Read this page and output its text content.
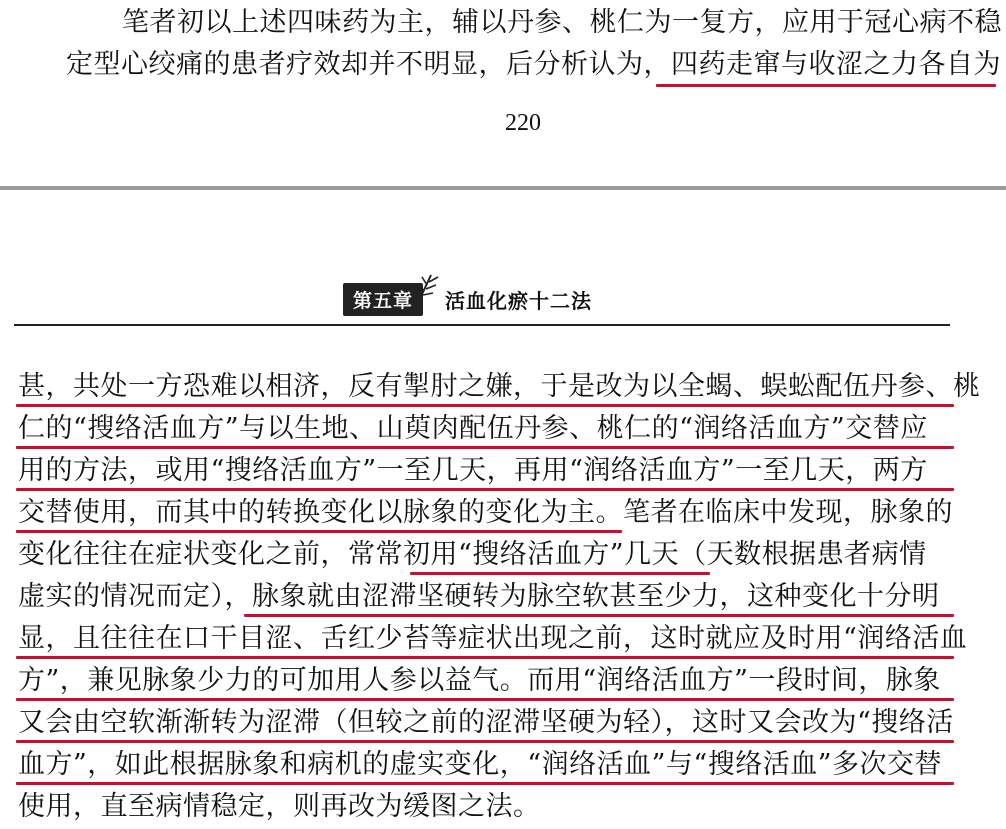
笔者初以上述四味药为主，辅以丹参、桃仁为一复方，应用于冠心病不稳
定型心绞痛的患者疗效却并不明显，后分析认为，四药走窜与收涩之力各自为
220
第五章	活血化瘀十二法
甚，共处一方恐难以相济，反有掣肘之嫌，于是改为以全蝎、蜈蚣配伍丹参、桃
仁的“搜络活血方”与以生地、山萸肉配伍丹参、桃仁的“润络活血方”交替应
用的方法，或用“搜络活血方”一至几天，再用“润络活血方”一至几天，两方
交替使用，而其中的转换变化以脉象的变化为主。笔者在临床中发现，脉象的
变化往往在症状变化之前，常常初用“搜络活血方”几天（天数根据患者病情
虚实的情况而定），脉象就由涩滞坚硬转为脉空软甚至少力，这种变化十分明
显，且往往在口干目涩、舌红少苔等症状出现之前，这时就应及时用“润络活血
方”，兼见脉象少力的可加用人参以益气。而用“润络活血方”一段时间，脉象
又会由空软渐渐转为涩滞（但较之前的涩滞坚硬为轻），这时又会改为“搜络活
血方”，如此根据脉象和病机的虚实变化，“润络活血”与“搜络活血”多次交替
使用，直至病情稳定，则再改为缓图之法。
